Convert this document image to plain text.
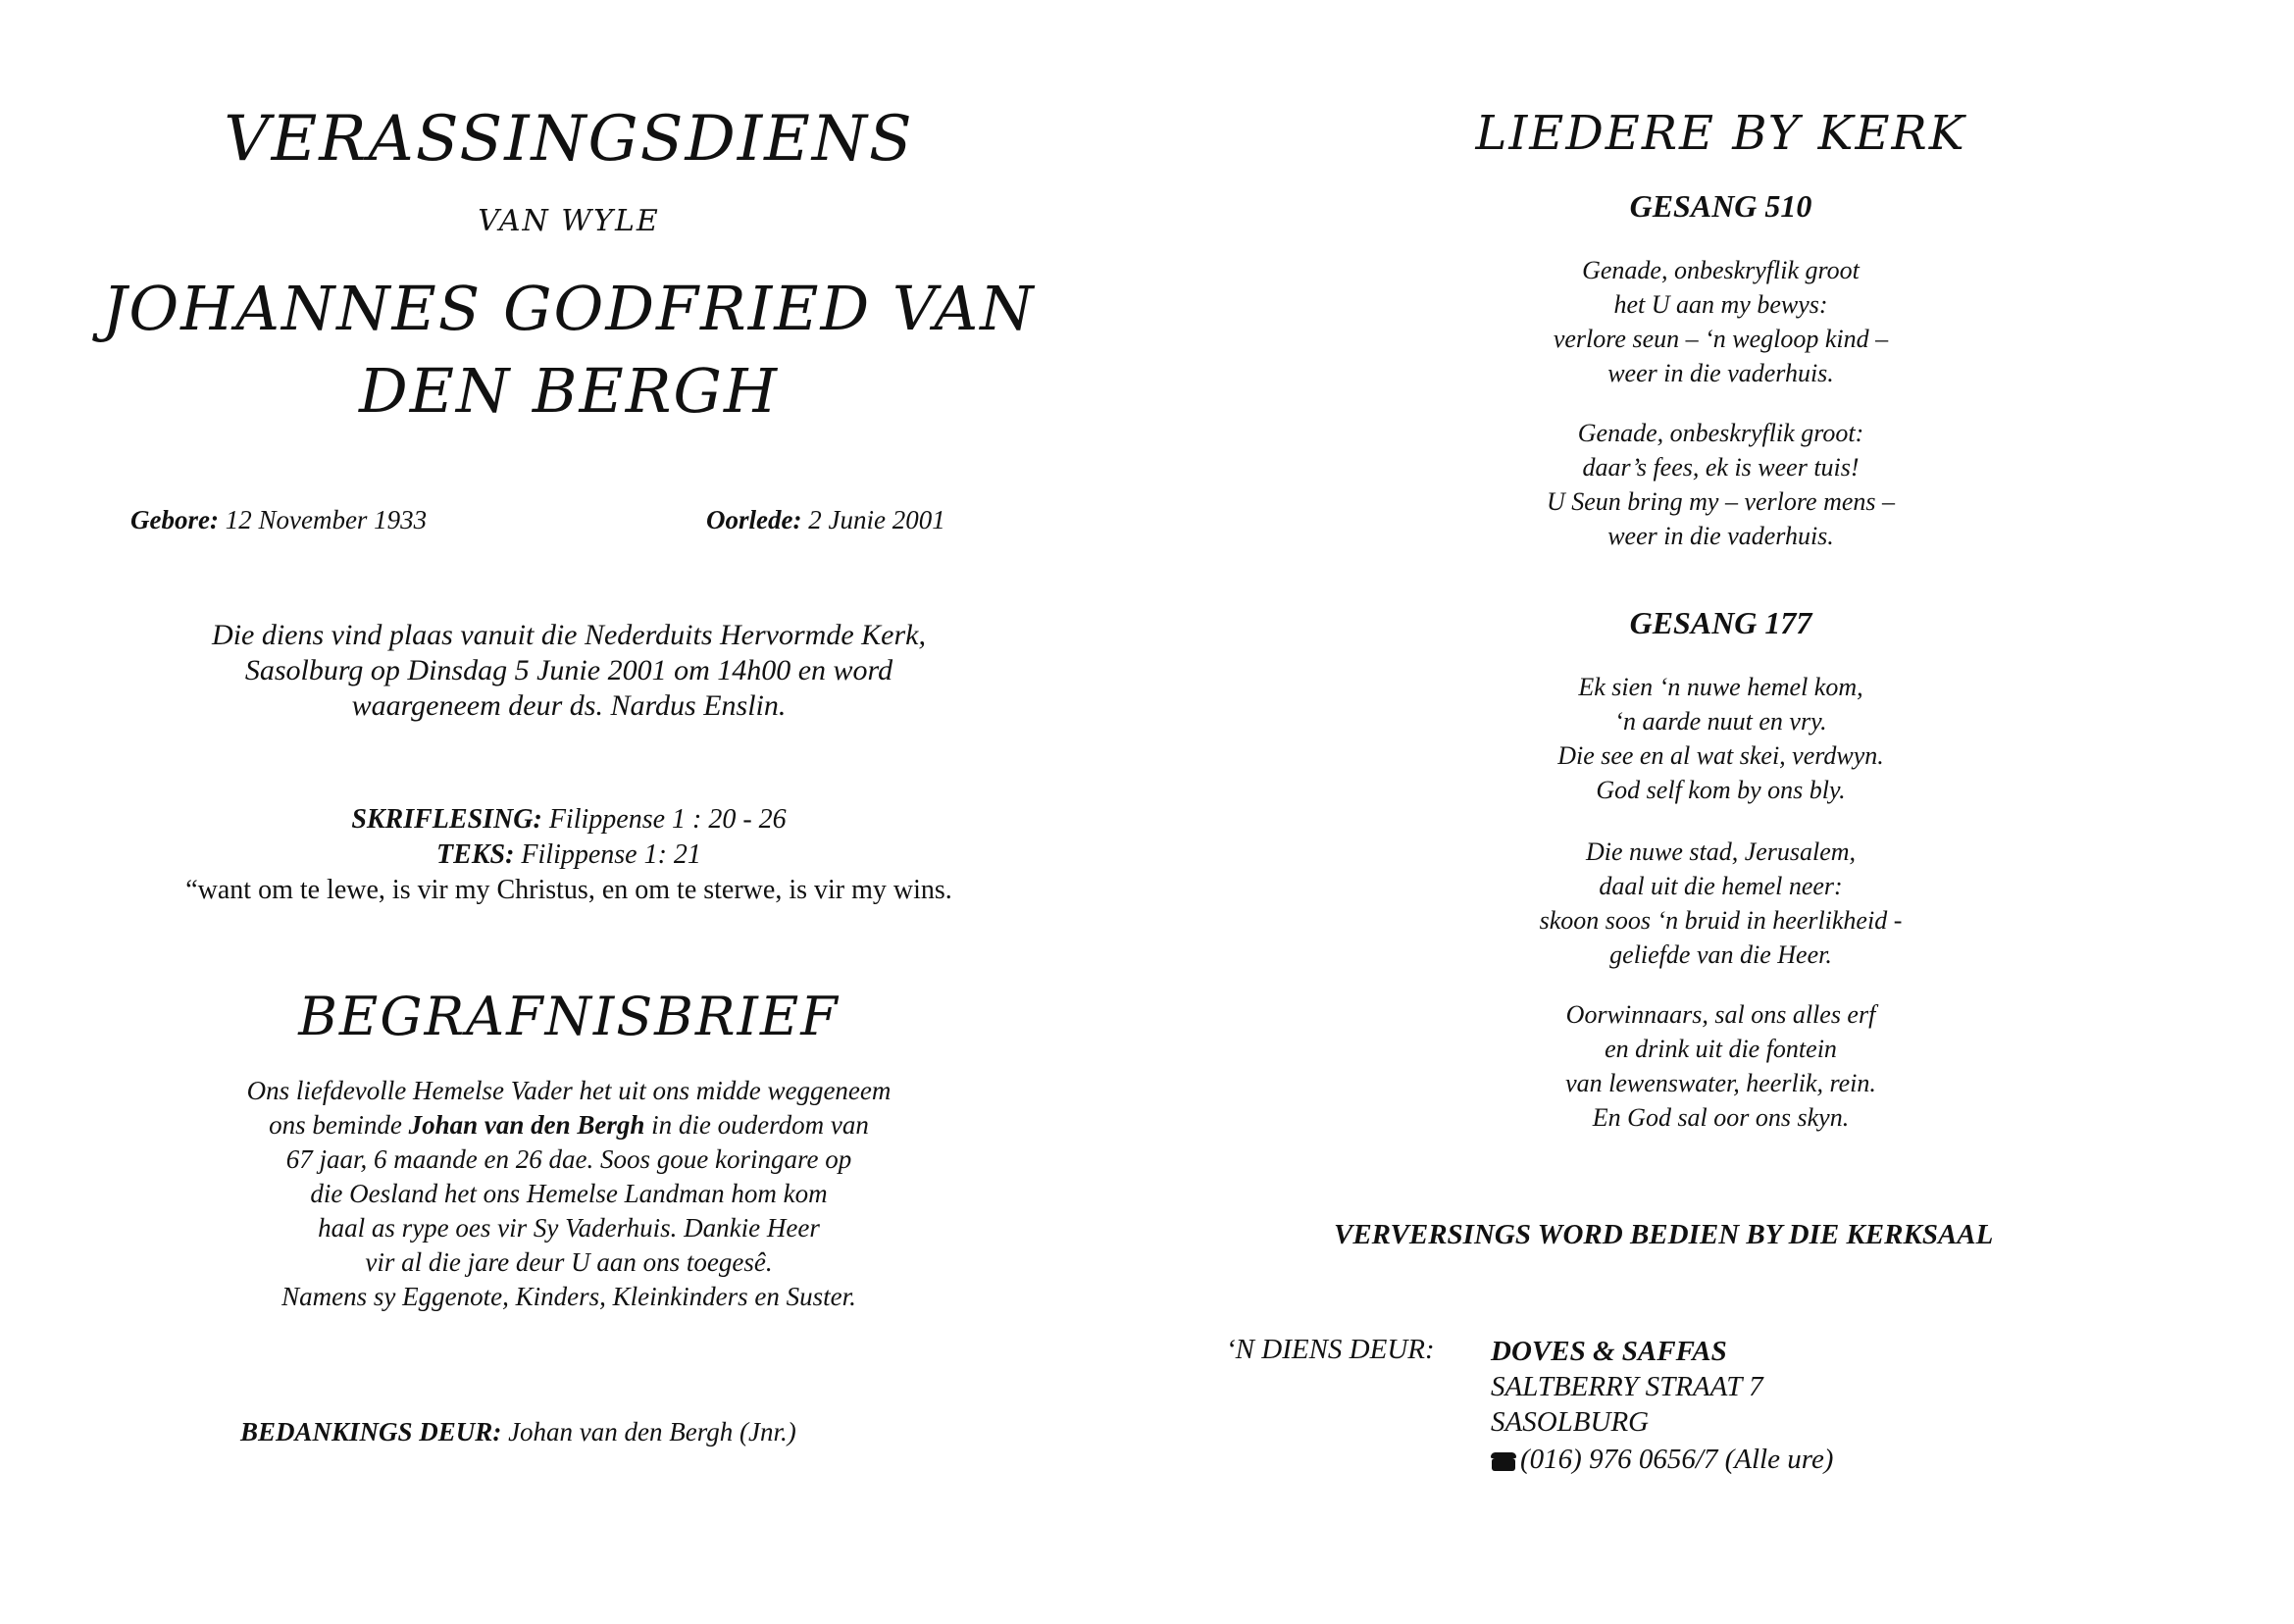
VERASSINGSDIENS
VAN WYLE
JOHANNES GODFRIED VAN
DEN BERGH
Gebore: 12 November 1933	Oorlede: 2 Junie 2001
Die diens vind plaas vanuit die Nederduits Hervormde Kerk,
Sasolburg op Dinsdag 5 Junie 2001 om 14h00 en word
waargeneem deur ds. Nardus Enslin.
SKRIFLESING: Filippense 1 : 20 - 26
TEKS: Filippense 1: 21
“want om te lewe, is vir my Christus, en om te sterwe, is vir my wins.
BEGRAFNISBRIEF
Ons liefdevolle Hemelse Vader het uit ons midde weggeneem
ons beminde Johan van den Bergh in die ouderdom van
67 jaar, 6 maande en 26 dae. Soos goue koringare op
die Oesland het ons Hemelse Landman hom kom
haal as rype oes vir Sy Vaderhuis. Dankie Heer
vir al die jare deur U aan ons toegesê.
Namens sy Eggenote, Kinders, Kleinkinders en Suster.
BEDANKINGS DEUR: Johan van den Bergh (Jnr.)
LIEDERE BY KERK
GESANG 510
Genade, onbeskryflik groot
het U aan my bewys:
verlore seun – ‘n wegloop kind –
weer in die vaderhuis.
Genade, onbeskryflik groot:
daar’s fees, ek is weer tuis!
U Seun bring my – verlore mens –
weer in die vaderhuis.
GESANG 177
Ek sien ‘n nuwe hemel kom,
‘n aarde nuut en vry.
Die see en al wat skei, verdwyn.
God self kom by ons bly.
Die nuwe stad, Jerusalem,
daal uit die hemel neer:
skoon soos ‘n bruid in heerlikheid -
geliefde van die Heer.
Oorwinnaars, sal ons alles erf
en drink uit die fontein
van lewenswater, heerlik, rein.
En God sal oor ons skyn.
VERVERSINGS WORD BEDIEN BY DIE KERKSAAL
‘N DIENS DEUR: DOVES & SAFFAS
SALTBERRY STRAAT 7
SASOLBURG
(016) 976 0656/7 (Alle ure)
